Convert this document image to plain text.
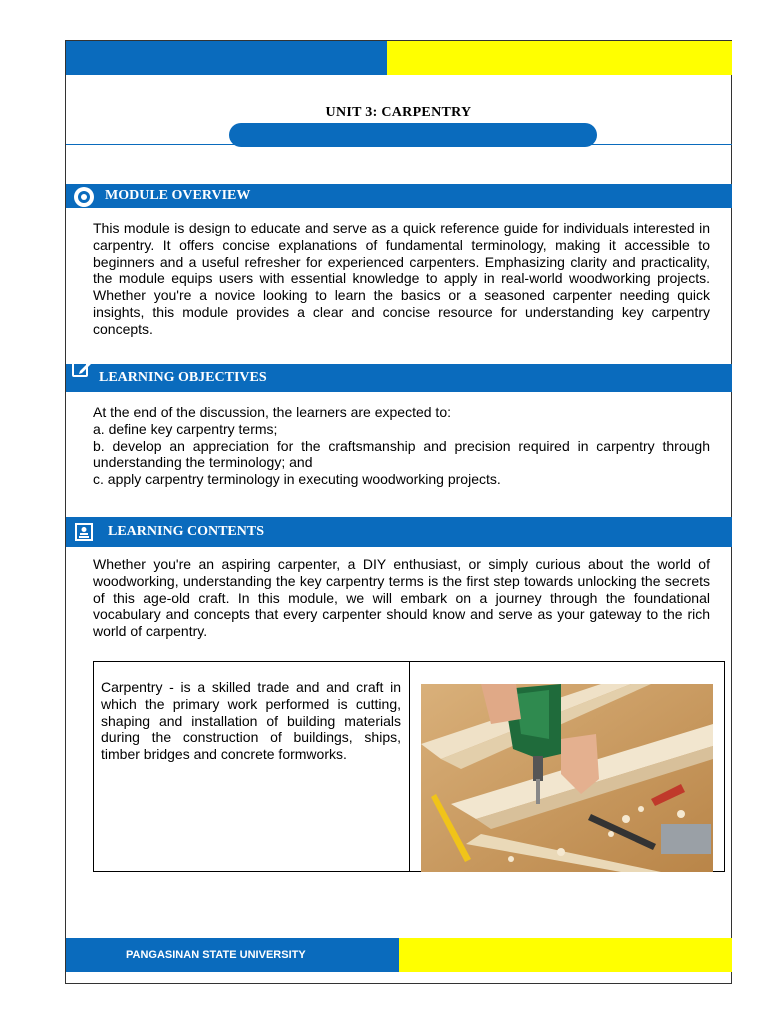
UNIT 3: CARPENTRY
MODULE OVERVIEW

This module is design to educate and serve as a quick reference guide for individuals interested in carpentry. It offers concise explanations of fundamental terminology, making it accessible to beginners and a useful refresher for experienced carpenters. Emphasizing clarity and practicality, the module equips users with essential knowledge to apply in real-world woodworking projects. Whether you're a novice looking to learn the basics or a seasoned carpenter needing quick insights, this module provides a clear and concise resource for understanding key carpentry concepts.

LEARNING OBJECTIVES

At the end of the discussion, the learners are expected to:

a. define key carpentry terms;

b. develop an appreciation for the craftsmanship and precision required in carpentry through understanding the terminology; and

c. apply carpentry terminology in executing woodworking projects.

LEARNING CONTENTS

Whether you're an aspiring carpenter, a DIY enthusiast, or simply curious about the world of woodworking, understanding the key carpentry terms is the first step towards unlocking the secrets of this age-old craft. In this module, we will embark on a journey through the foundational vocabulary and concepts that every carpenter should know and serve as your gateway to the rich world of carpentry.

Carpentry - is a skilled trade and and craft in which the primary work performed is cutting, shaping and installation of building materials during the construction of buildings, ships, timber bridges and concrete formworks.
PANGASINAN STATE UNIVERSITY
